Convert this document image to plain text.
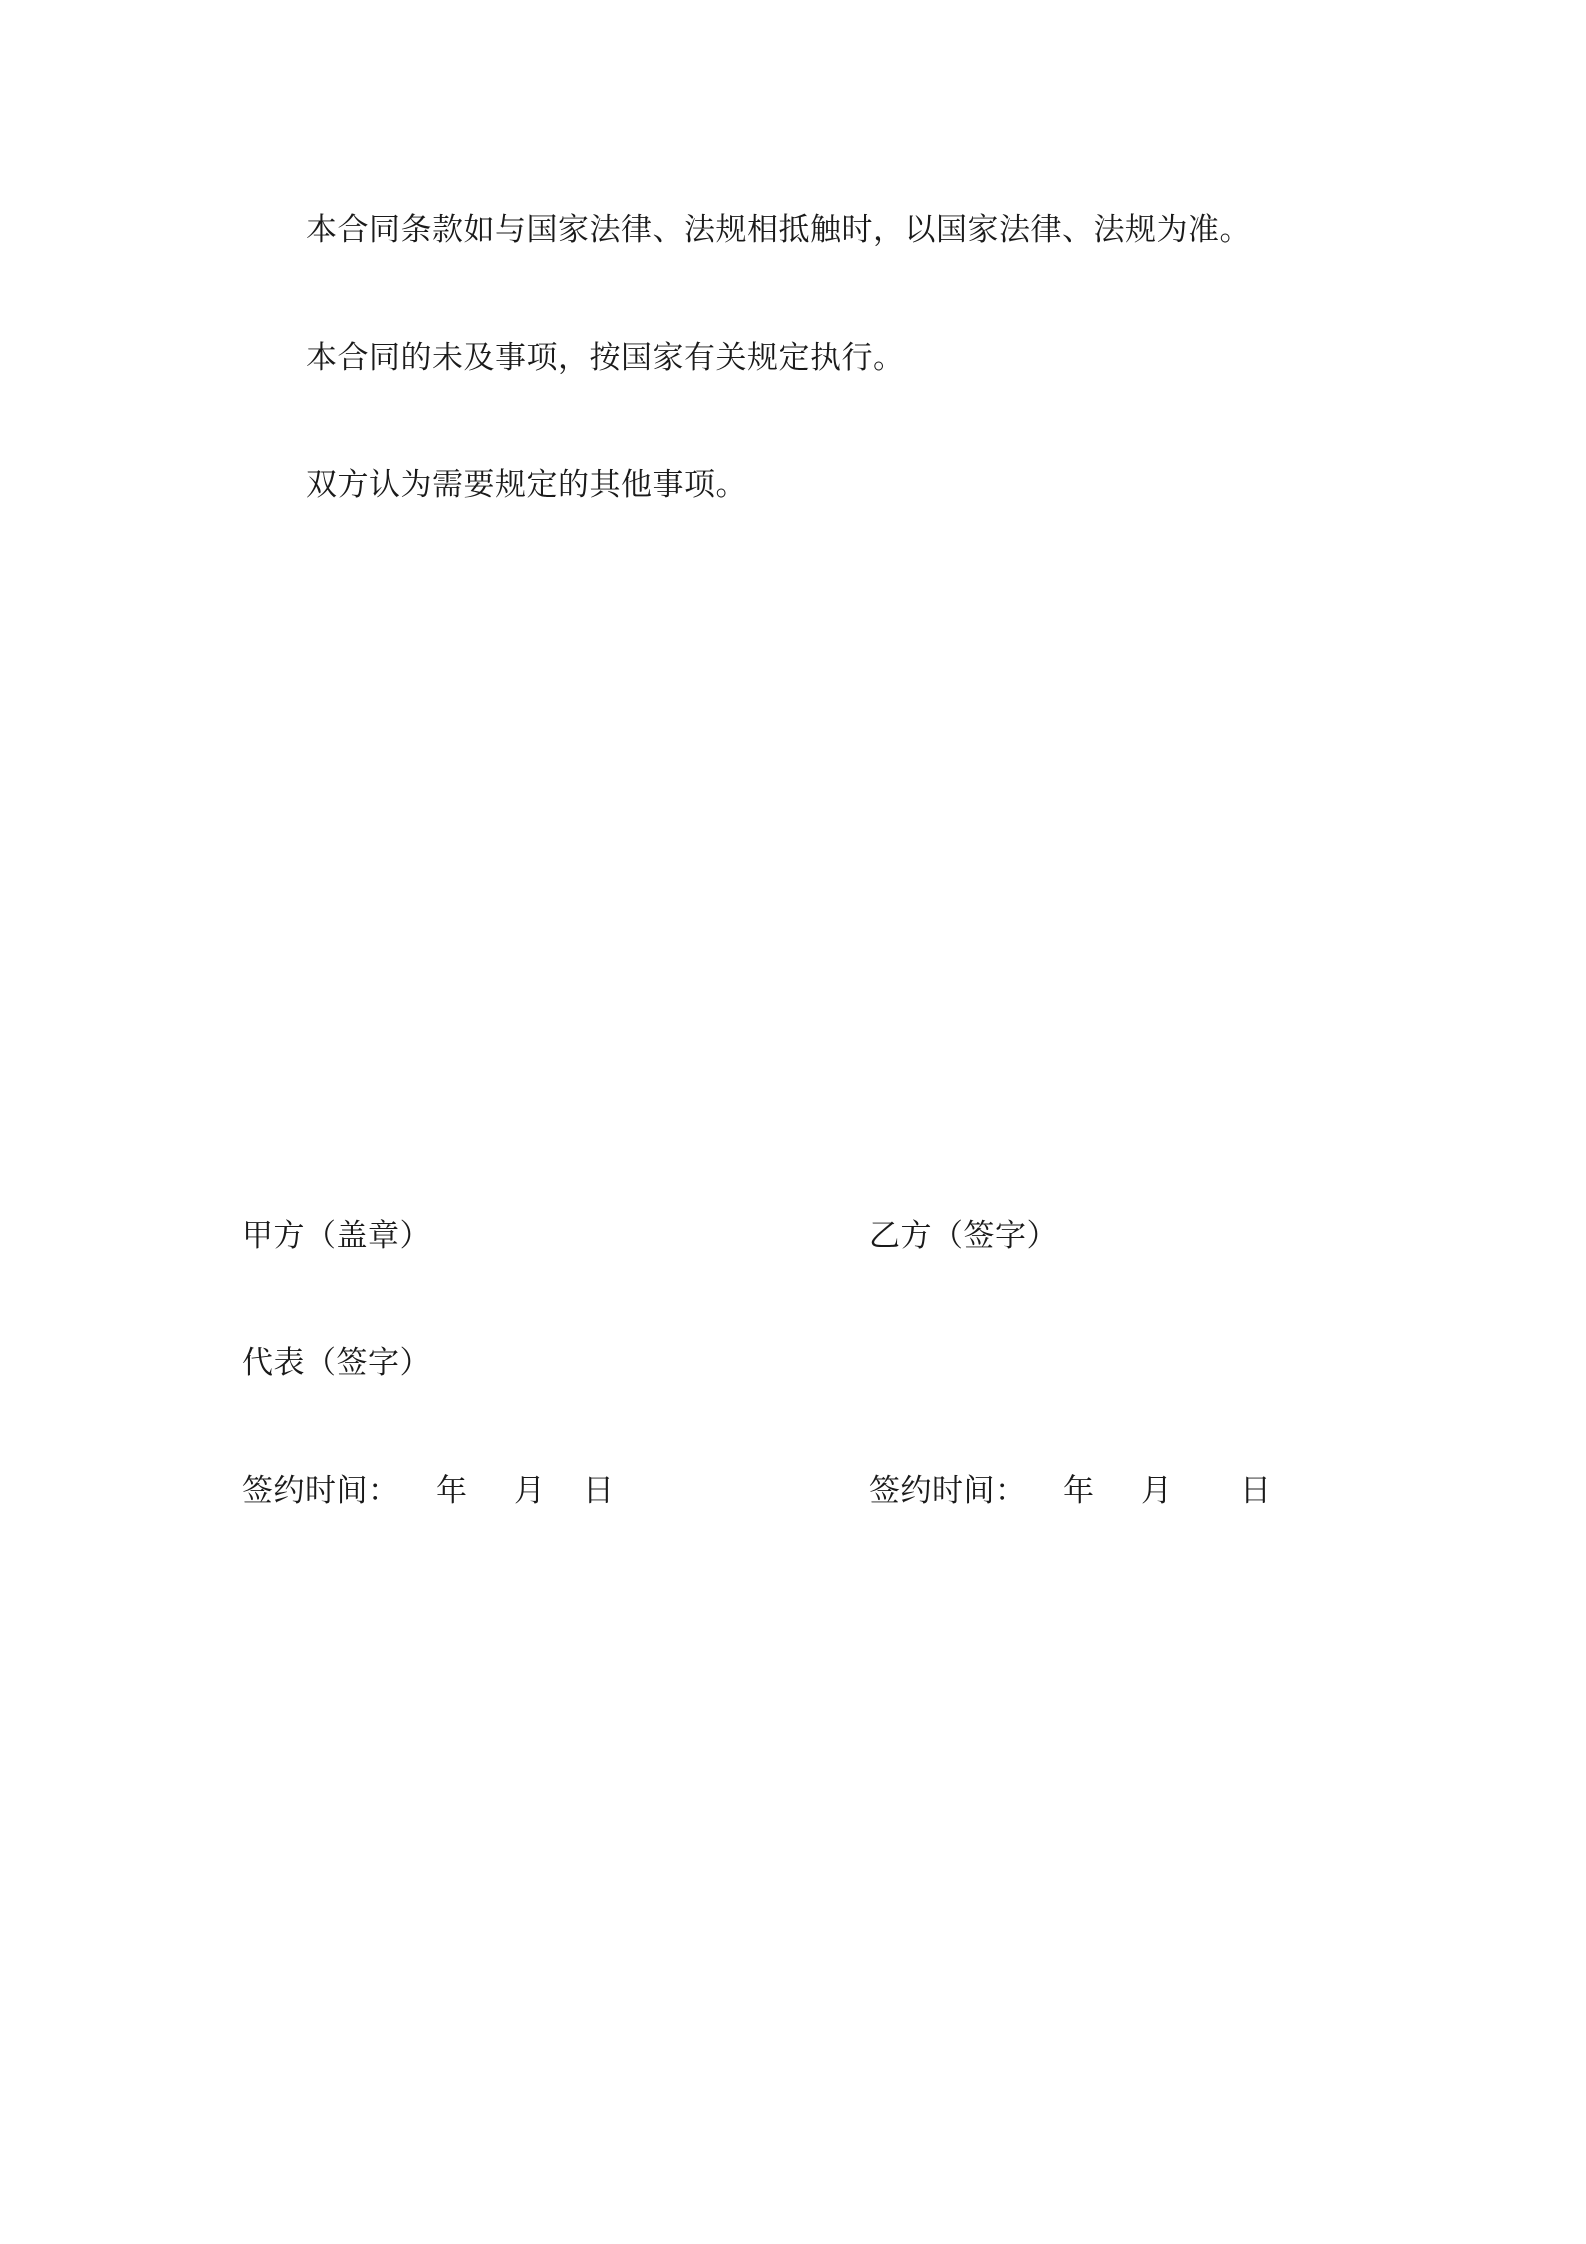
本合同条款如与国家法律、法规相抵触时，以国家法律、法规为准。
本合同的未及事项，按国家有关规定执行。
双方认为需要规定的其他事项。
甲方（盖章）	乙方（签字）
代表（签字）
签约时间： 年 月 日	签约时间： 年 月 日
